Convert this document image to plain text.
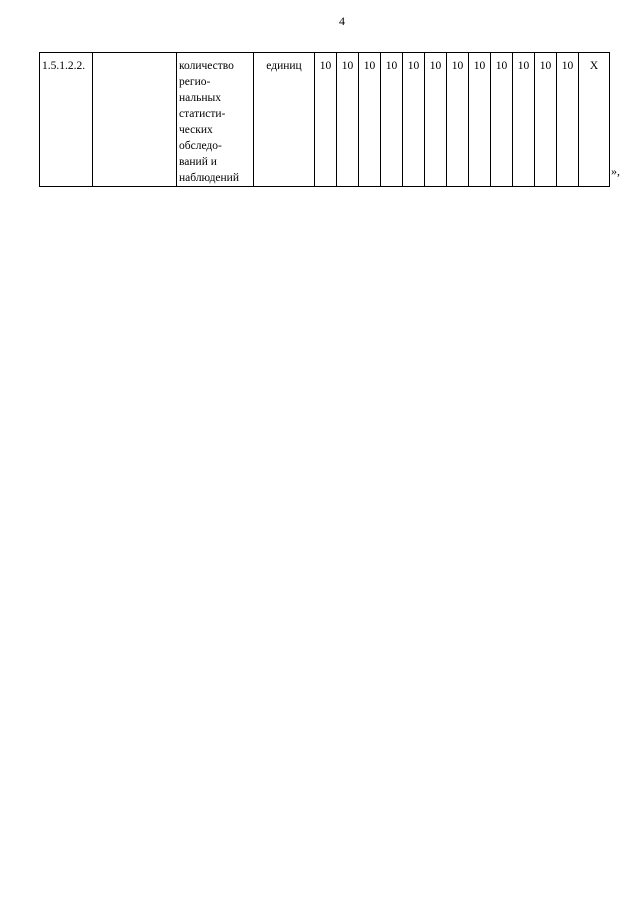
4
1.5.1.2.2.		количество
регио-
нальных
статисти-
ческих
обследо-
ваний и
наблюдений
	единиц	10	10	10	10	10	10	10	10	10	10	10	10	X
»,
